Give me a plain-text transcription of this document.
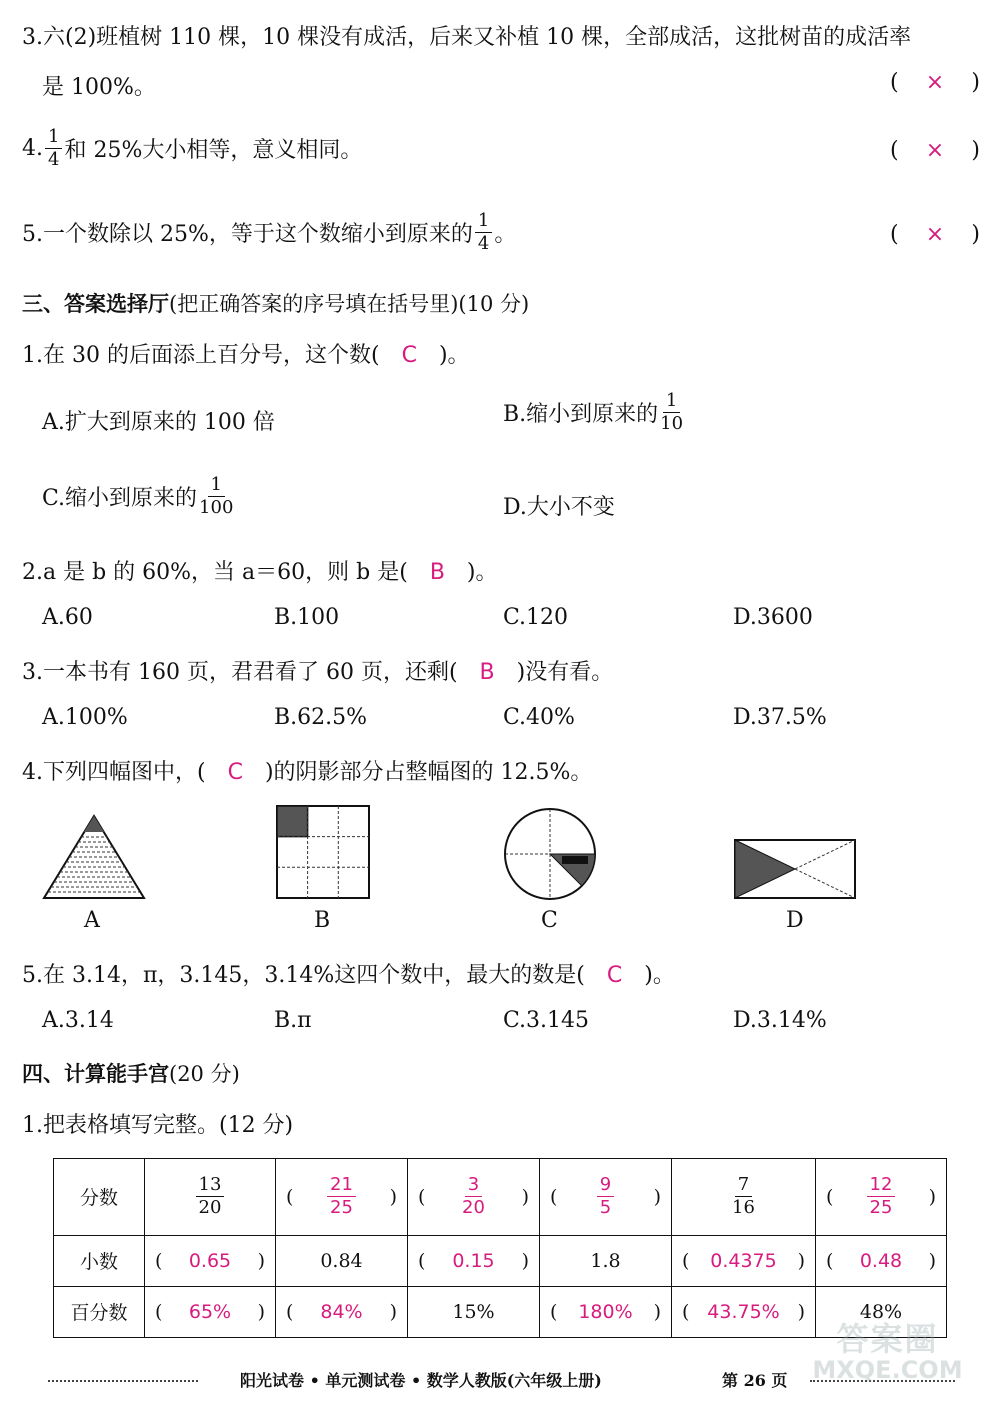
3.六(2)班植树 110 棵，10 棵没有成活，后来又补植 10 棵，全部成活，这批树苗的成活率
是 100%。	( × )
4. $\frac{1}{4}$ 和 25%大小相等，意义相同。	( × )
5.一个数除以 25%，等于这个数缩小到原来的 $\frac{1}{4}$ 。	( × )
三、答案选择厅(把正确答案的序号填在括号里)(10 分)
1.在 30 的后面添上百分号，这个数( C )。
A.扩大到原来的 100 倍	B.缩小到原来的 $\frac{1}{10}$
C.缩小到原来的 $\frac{1}{100}$	D.大小不变
2.a 是 b 的 60%，当 a＝60，则 b 是( B )。
A.60	B.100	C.120	D.3600
3.一本书有 160 页，君君看了 60 页，还剩( B )没有看。
A.100%	B.62.5%	C.40%	D.37.5%
4.下列四幅图中，( C )的阴影部分占整幅图的 12.5%。
A	B	C	D
5.在 3.14，π，3.145，3.14%这四个数中，最大的数是( C )。
A.3.14	B.π	C.3.145	D.3.14%
四、计算能手宫(20 分)
1.把表格填写完整。(12 分)
分数	$\frac{13}{20}$	( $\frac{21}{25}$ )	( $\frac{3}{20}$ )	( $\frac{9}{5}$ )	$\frac{7}{16}$	( $\frac{12}{25}$ )

小数	( 0.65 )	0.84	( 0.15 )	1.8	( 0.4375 )	( 0.48 )

百分数	( 65% )	( 84% )	15%	( 180% )	( 43.75% )	48%
阳光试卷 • 单元测试卷 • 数学人教版(六年级上册)	第 26 页
答案圈
MXQE.COM
